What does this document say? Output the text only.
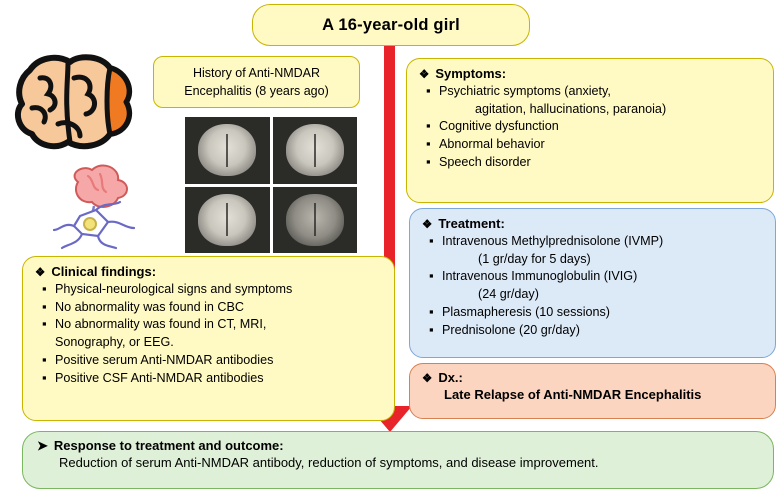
A 16-year-old girl
History of Anti-NMDAR
Encephalitis (8 years ago)
❖ Symptoms:
▪ Psychiatric symptoms (anxiety,
agitation, hallucinations, paranoia)
▪ Cognitive dysfunction
▪ Abnormal behavior
▪ Speech disorder
❖ Treatment :
▪ Intravenous Methylprednisolone (IVMP)
(1 gr/day for 5 days)
▪ Intravenous Immunoglobulin (IVIG)
(24 gr/day)
▪ Plasmapheresis (10 sessions)
▪ Prednisolone (20 gr/day)
❖ Dx.:
Late Relapse of Anti-NMDAR Encephalitis
❖ Clinical findings:
▪ Physical-neurological signs and symptoms
▪ No abnormality was found in CBC
▪ No abnormality was found in CT, MRI,
Sonography, or EEG.
▪ Positive serum Anti-NMDAR antibodies
▪ Positive CSF Anti-NMDAR antibodies
➤ Response to treatment and outcome:
Reduction of serum Anti-NMDAR antibody, reduction of symptoms, and disease improvement.
